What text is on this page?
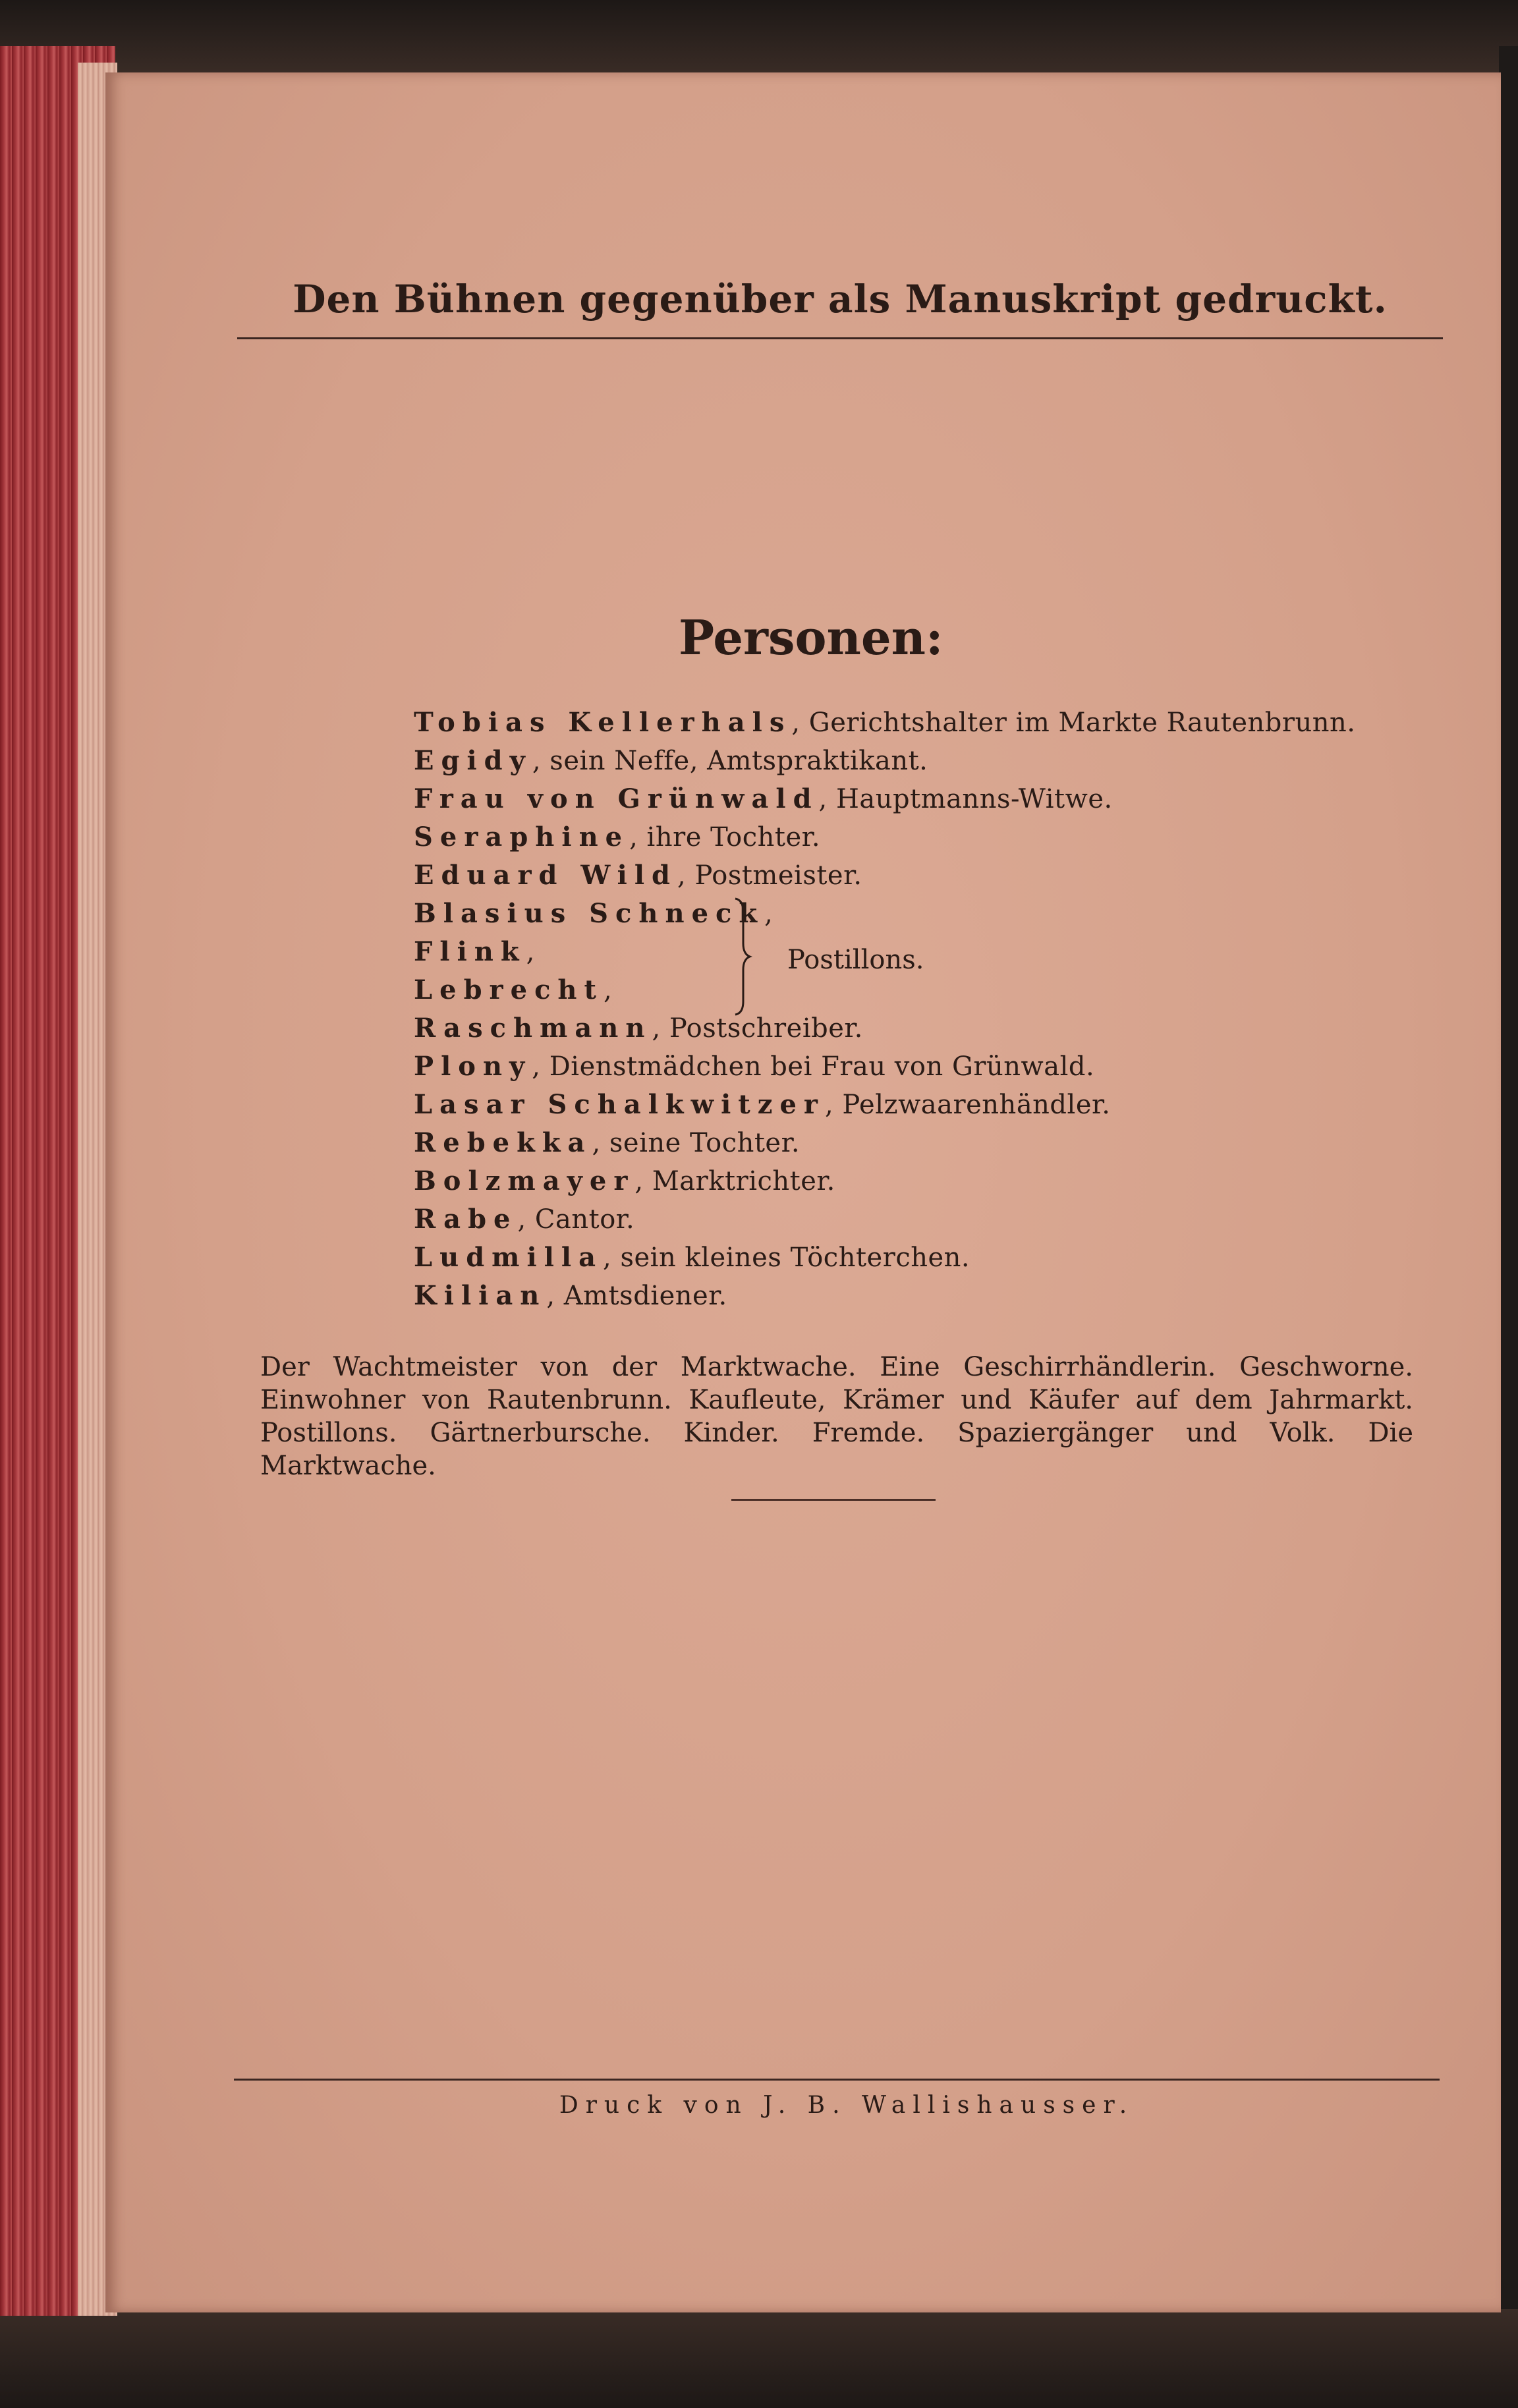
Den Bühnen gegenüber als Manuskript gedruckt.
Personen:
Tobias Kellerhals, Gerichtshalter im Markte Rautenbrunn.
Egidy, sein Neffe, Amtspraktikant.
Frau von Grünwald, Hauptmanns-Witwe.
Seraphine, ihre Tochter.
Eduard Wild, Postmeister.
Blasius Schneck,
Flink,
Lebrecht,
Raschmann, Postschreiber.
Plony, Dienstmädchen bei Frau von Grünwald.
Lasar Schalkwitzer, Pelzwaarenhändler.
Rebekka, seine Tochter.
Bolzmayer, Marktrichter.
Rabe, Cantor.
Ludmilla, sein kleines Töchterchen.
Kilian, Amtsdiener.
Postillons.
Der Wachtmeister von der Marktwache. Eine Geschirrhändlerin. Geschworne. Einwohner von Rautenbrunn. Kaufleute, Krämer und Käufer auf dem Jahrmarkt. Postillons. Gärtnerbursche. Kinder. Fremde. Spaziergänger und Volk. Die Marktwache.
Druck von J. B. Wallishausser.
